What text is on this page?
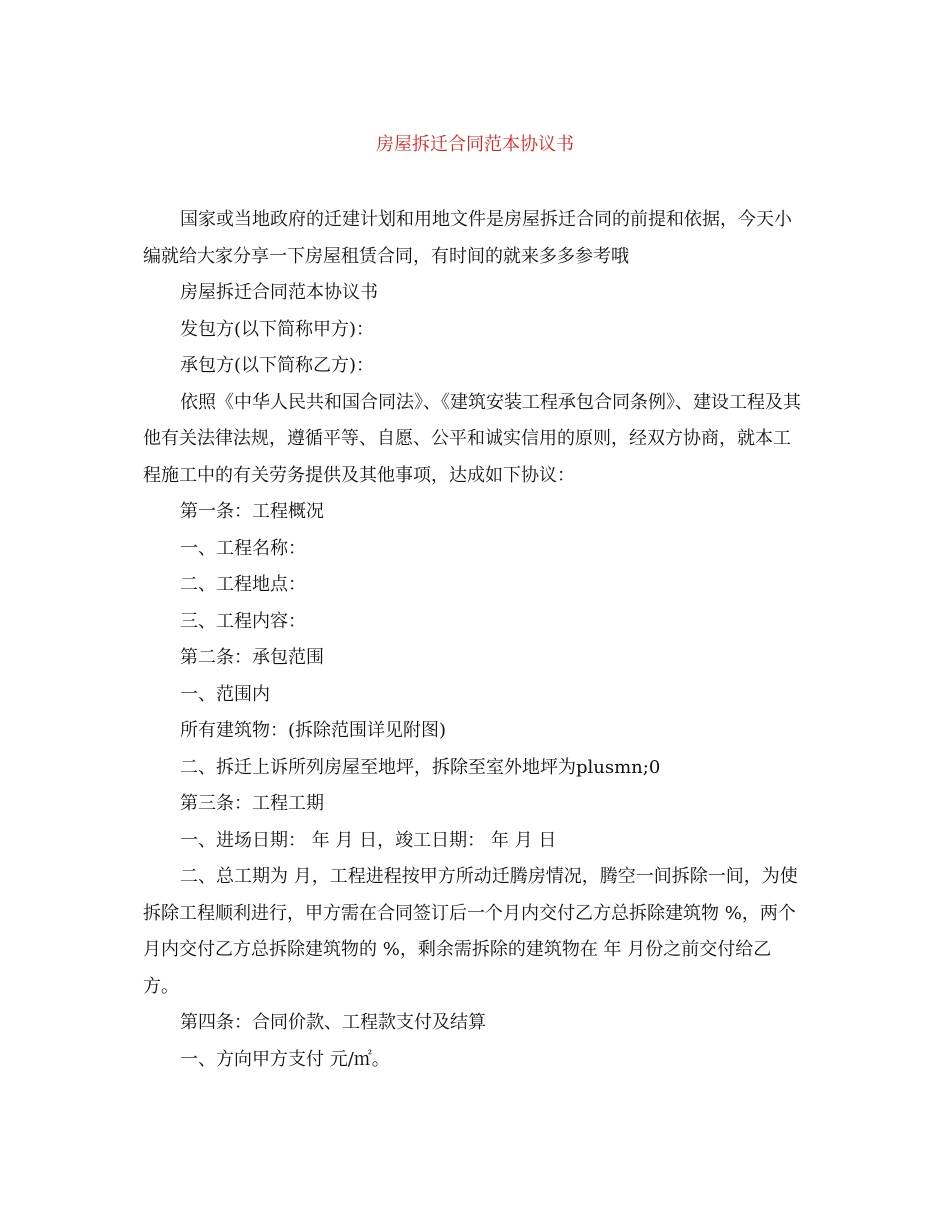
房屋拆迁合同范本协议书

国家或当地政府的迁建计划和用地文件是房屋拆迁合同的前提和依据，今天小编就给大家分享一下房屋租赁合同，有时间的就来多多参考哦

房屋拆迁合同范本协议书

发包方(以下简称甲方)：

承包方(以下简称乙方)：

依照《中华人民共和国合同法》、《建筑安装工程承包合同条例》、建设工程及其他有关法律法规，遵循平等、自愿、公平和诚实信用的原则，经双方协商，就本工程施工中的有关劳务提供及其他事项，达成如下协议：

第一条：工程概况

一、工程名称：

二、工程地点：

三、工程内容：

第二条：承包范围

一、范围内

所有建筑物：(拆除范围详见附图)

二、拆迁上诉所列房屋至地坪，拆除至室外地坪为plusmn;0

第三条：工程工期

一、进场日期： 年 月 日，竣工日期： 年 月 日

二、总工期为 月，工程进程按甲方所动迁腾房情况，腾空一间拆除一间，为使拆除工程顺利进行，甲方需在合同签订后一个月内交付乙方总拆除建筑物 %，两个月内交付乙方总拆除建筑物的 %，剩余需拆除的建筑物在 年 月份之前交付给乙方。

第四条：合同价款、工程款支付及结算

一、方向甲方支付 元/㎡。
